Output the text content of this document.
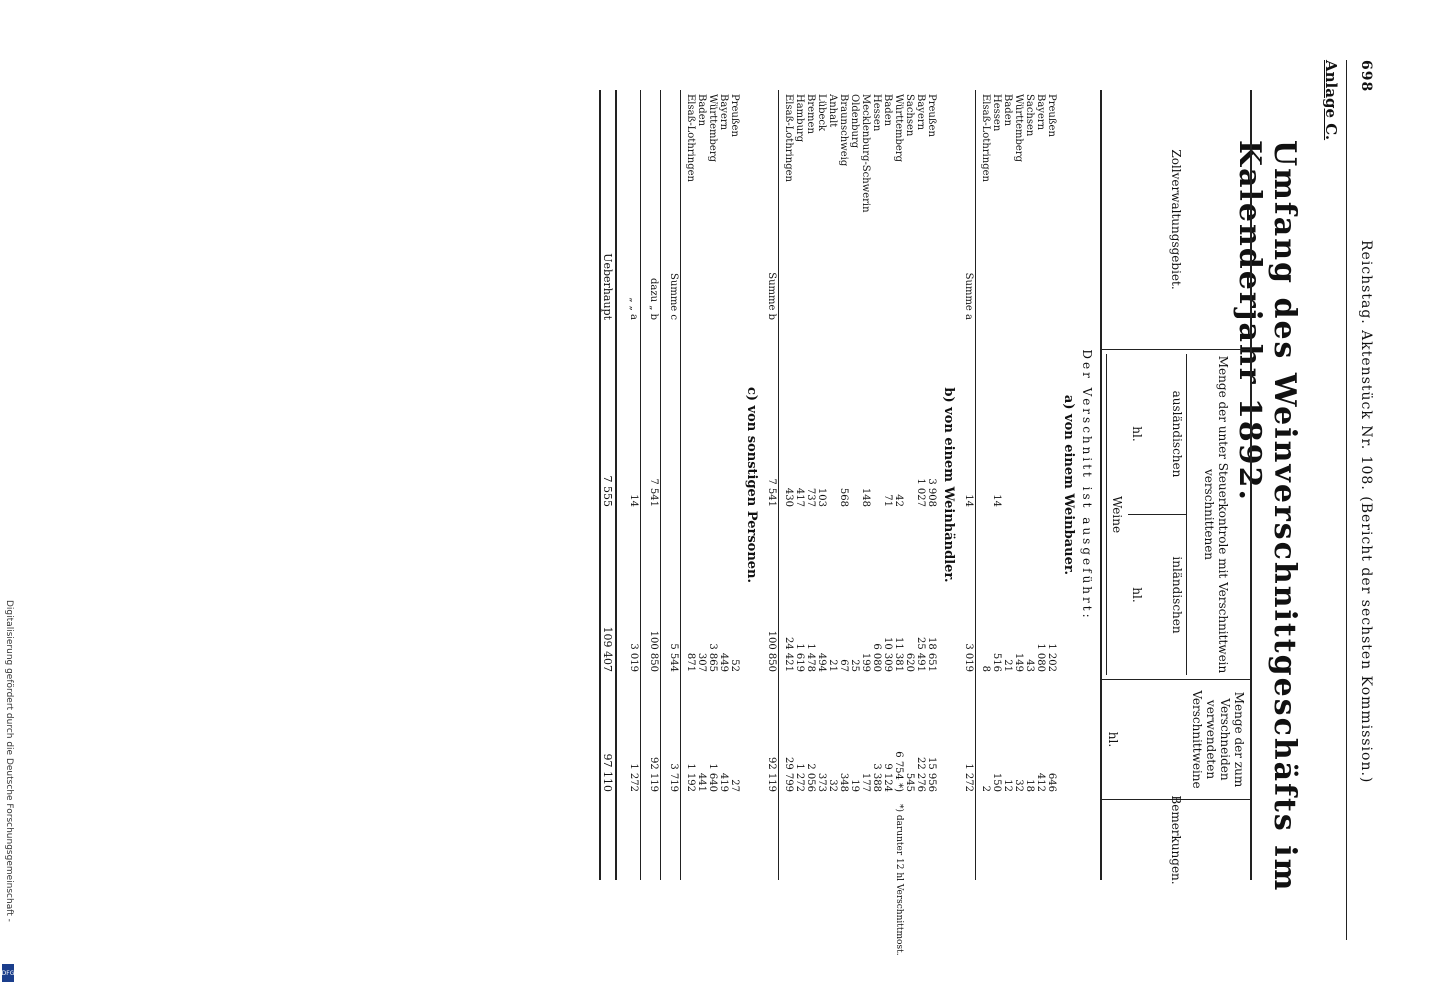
698
Reichstag. Aktenstück Nr. 108. (Bericht der sechsten Kommission.)
Anlage C.
Umfang des Weinverschnittgeschäfts im Kalenderjahr 1892.
Zollverwaltungsgebiet.
Menge der unter Steuerkontrole mit Verschnittwein verschnittenen
ausländischen
hl.
inländischen
hl.
Weine
Menge der zum Verschneiden verwendeten Verschnittweine
hl.
Bemerkungen.
Der Verschnitt ist ausgeführt:
a) von einem Weinbauer.
Preußen
1 202
646
Bayern
1 080
412
Sachsen
43
18
Württemberg
149
32
Baden
21
12
Hessen
14
516
150
Elsaß-Lothringen
8
2
Summe a
14
3 019
1 272
b) von einem Weinhändler.
Preußen
3 908
18 651
15 956
Bayern
1 027
25 491
22 276
Sachsen
620
545
Württemberg
42
11 381
6 754 *)
*) darunter 12 hl Verschnittmost.
Baden
71
10 309
9 124
Hessen
6 080
3 388
Mecklenburg-Schwerin
148
199
177
Oldenburg
25
19
Braunschweig
568
67
348
Anhalt
21
32
Lübeck
103
494
373
Bremen
737
1 478
2 056
Hamburg
417
1 619
1 272
Elsaß-Lothringen
430
24 421
29 799
Summe b
7 541
100 850
92 119
c) von sonstigen Personen.
Preußen
52
27
Bayern
449
419
Württemberg
3 865
1 640
Baden
307
441
Elsaß-Lothringen
871
1 192
Summe c
5 544
3 719
dazu „ b
7 541
100 850
92 119
„ „ a
14
3 019
1 272
Ueberhaupt
7 555
109 407
97 110
Digitalisierung gefördert durch die Deutsche Forschungsgemeinschaft -
DFG
